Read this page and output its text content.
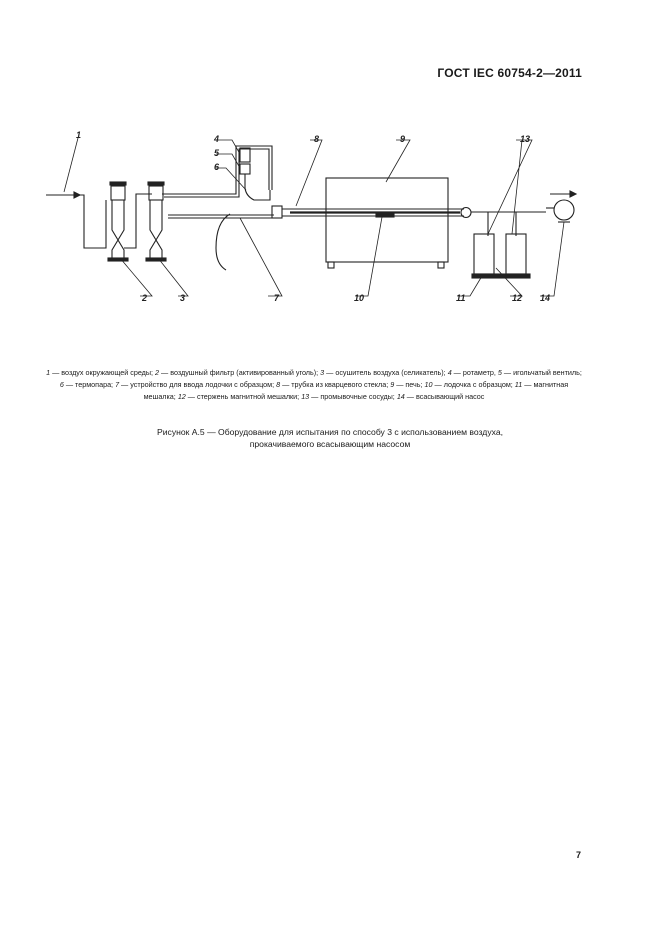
ГОСТ IEC 60754-2—2011
1
2	3
4
5
6
7
8	9
10	11	12
13
14
1 — воздух окружающей среды; 2 — воздушный фильтр (активированный уголь); 3 — осушитель воздуха (селикатель); 4 — ротаметр, 5 — игольчатый вентиль; 6 — термопара; 7 — устройство для ввода лодочки с образцом; 8 — трубка из кварцевого стекла; 9 — печь; 10 — лодочка с образцом; 11 — магнитная мешалка; 12 — стержень магнитной мешалки; 13 — промывочные сосуды; 14 — всасывающий насос
Рисунок А.5 — Оборудование для испытания по способу 3 с использованием воздуха,
прокачиваемого всасывающим насосом
7
